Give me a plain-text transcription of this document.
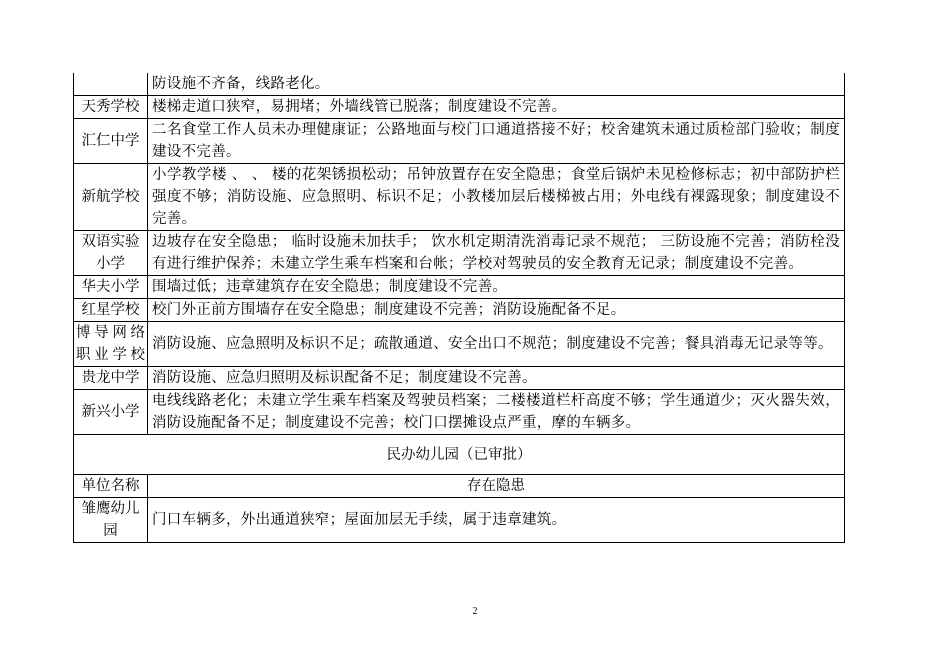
	防设施不齐备，线路老化。
天秀学校	楼梯走道口狭窄，易拥堵；外墙线管已脱落；制度建设不完善。
汇仁中学	二名食堂工作人员未办理健康证；公路地面与校门口通道搭接不好；校舍建筑未通过质检部门验收；制度建设不完善。
新航学校	小学教学楼 、 、 楼的花架锈损松动；吊钟放置存在安全隐患；食堂后锅炉未见检修标志；初中部防护栏强度不够；消防设施、应急照明、标识不足；小教楼加层后楼梯被占用；外电线有裸露现象；制度建设不完善。
双语实验小学	边坡存在安全隐患； 临时设施未加扶手； 饮水机定期清洗消毒记录不规范； 三防设施不完善；消防栓没有进行维护保养；未建立学生乘车档案和台帐；学校对驾驶员的安全教育无记录；制度建设不完善。
华夫小学	围墙过低；违章建筑存在安全隐患；制度建设不完善。
红星学校	校门外正前方围墙存在安全隐患；制度建设不完善；消防设施配备不足。
博导网络职业学校	消防设施、应急照明及标识不足；疏散通道、安全出口不规范；制度建设不完善；餐具消毒无记录等等。
贵龙中学	消防设施、应急归照明及标识配备不足；制度建设不完善。
新兴小学	电线线路老化；未建立学生乘车档案及驾驶员档案；二楼楼道栏杆高度不够；学生通道少；灭火器失效，消防设施配备不足；制度建设不完善；校门口摆摊设点严重，摩的车辆多。
民办幼儿园（已审批）	
单位名称	存在隐患
雏鹰幼儿园	门口车辆多，外出通道狭窄；屋面加层无手续，属于违章建筑。
2
